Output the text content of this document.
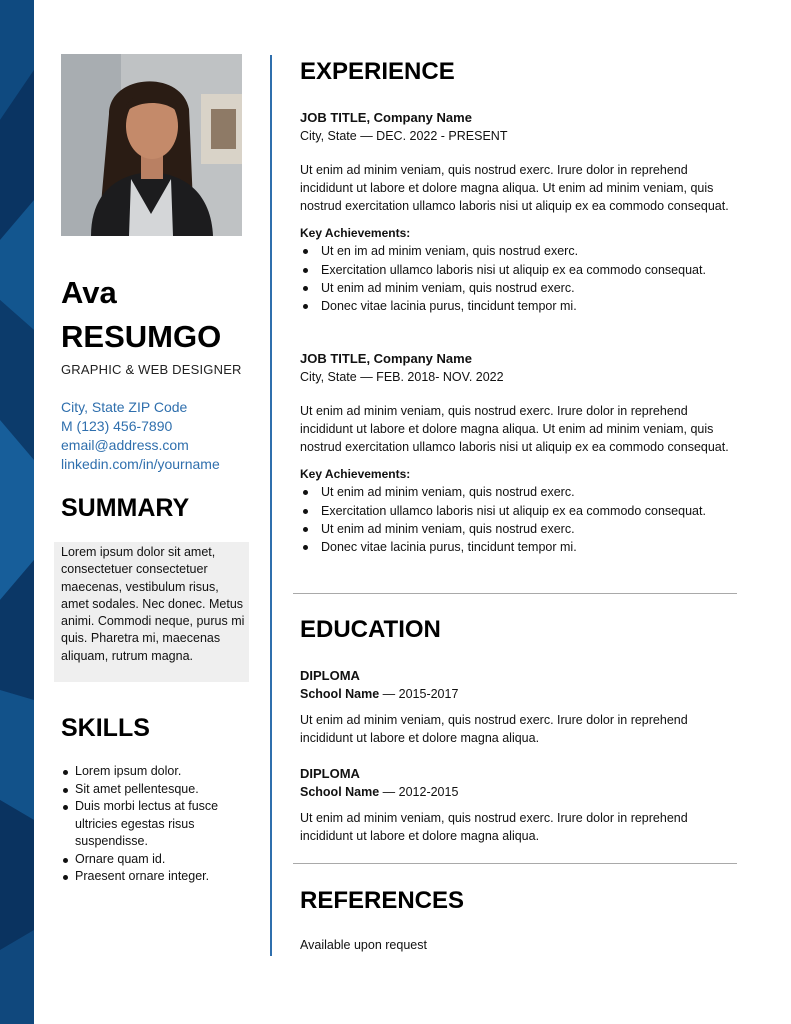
Ava
RESUMGO
GRAPHIC & WEB DESIGNER
City, State ZIP Code
M (123) 456-7890
email@address.com
linkedin.com/in/yourname
SUMMARY
Lorem ipsum dolor sit amet, consectetuer consectetuer maecenas, vestibulum risus, amet sodales. Nec donec. Metus animi. Commodi neque, purus mi quis. Pharetra mi, maecenas aliquam, rutrum magna.
SKILLS
Lorem ipsum dolor.
Sit amet pellentesque.
Duis morbi lectus at fusce ultricies egestas risus suspendisse.
Ornare quam id.
Praesent ornare integer.
EXPERIENCE
JOB TITLE, Company Name
City, State — DEC. 2022 - PRESENT
Ut enim ad minim veniam, quis nostrud exerc. Irure dolor in reprehend incididunt ut labore et dolore magna aliqua. Ut enim ad minim veniam, quis nostrud exercitation ullamco laboris nisi ut aliquip ex ea commodo consequat.
Key Achievements:
Ut en im ad minim veniam, quis nostrud exerc.
Exercitation ullamco laboris nisi ut aliquip ex ea commodo consequat.
Ut enim ad minim veniam, quis nostrud exerc.
Donec vitae lacinia purus, tincidunt tempor mi.
JOB TITLE, Company Name
City, State — FEB. 2018- NOV. 2022
Ut enim ad minim veniam, quis nostrud exerc. Irure dolor in reprehend incididunt ut labore et dolore magna aliqua. Ut enim ad minim veniam, quis nostrud exercitation ullamco laboris nisi ut aliquip ex ea commodo consequat.
Key Achievements:
Ut enim ad minim veniam, quis nostrud exerc.
Exercitation ullamco laboris nisi ut aliquip ex ea commodo consequat.
Ut enim ad minim veniam, quis nostrud exerc.
Donec vitae lacinia purus, tincidunt tempor mi.
EDUCATION
DIPLOMA
School Name — 2015-2017
Ut enim ad minim veniam, quis nostrud exerc. Irure dolor in reprehend incididunt ut labore et dolore magna aliqua.
DIPLOMA
School Name — 2012-2015
Ut enim ad minim veniam, quis nostrud exerc. Irure dolor in reprehend incididunt ut labore et dolore magna aliqua.
REFERENCES
Available upon request
